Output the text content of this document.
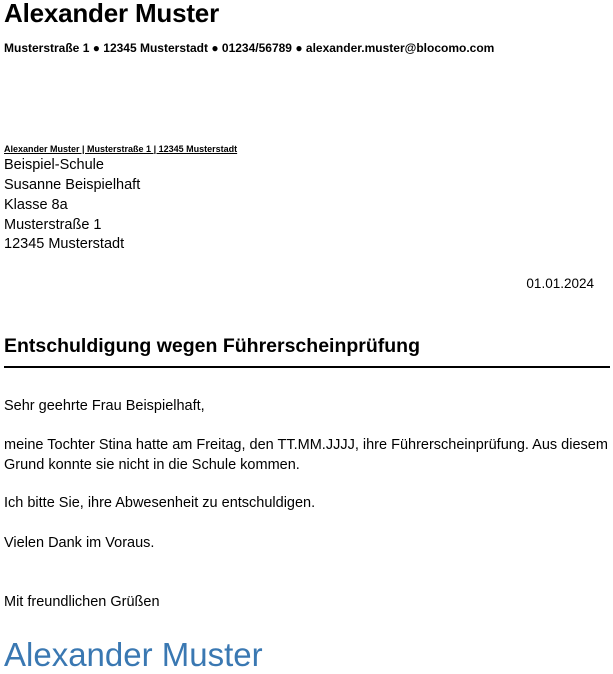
Alexander Muster
Musterstraße 1 ● 12345 Musterstadt ● 01234/56789 ● alexander.muster@blocomo.com
Alexander Muster | Musterstraße 1 | 12345 Musterstadt
Beispiel-Schule
Susanne Beispielhaft
Klasse 8a
Musterstraße 1
12345 Musterstadt
01.01.2024
Entschuldigung wegen Führerscheinprüfung
Sehr geehrte Frau Beispielhaft,
meine Tochter Stina hatte am Freitag, den TT.MM.JJJJ, ihre Führerscheinprüfung. Aus diesem Grund konnte sie nicht in die Schule kommen.
Ich bitte Sie, ihre Abwesenheit zu entschuldigen.
Vielen Dank im Voraus.
Mit freundlichen Grüßen
Alexander Muster
